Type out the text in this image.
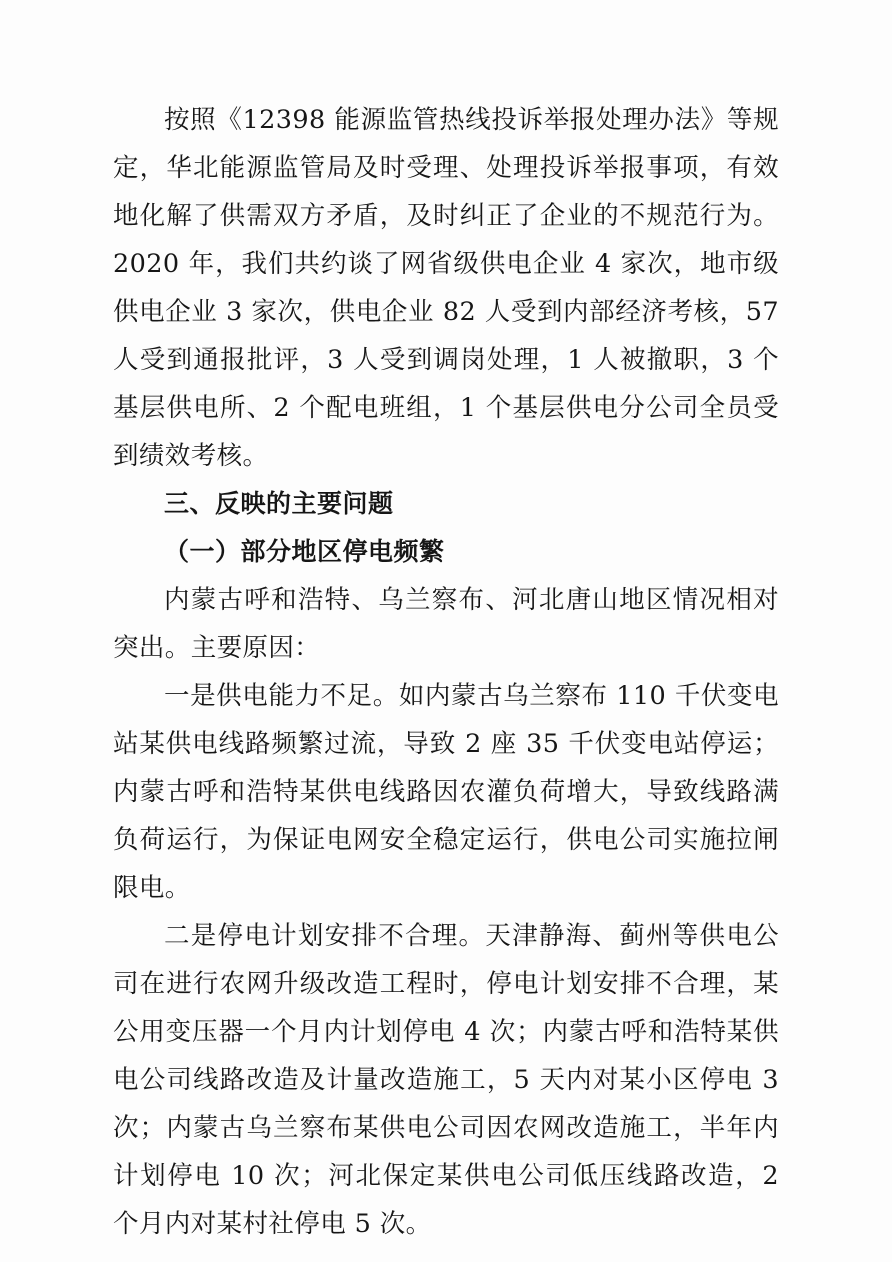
按照《12398 能源监管热线投诉举报处理办法》等规定，华北能源监管局及时受理、处理投诉举报事项，有效地化解了供需双方矛盾，及时纠正了企业的不规范行为。2020 年，我们共约谈了网省级供电企业 4 家次，地市级供电企业 3 家次，供电企业 82 人受到内部经济考核，57 人受到通报批评，3 人受到调岗处理，1 人被撤职，3 个基层供电所、2 个配电班组，1 个基层供电分公司全员受到绩效考核。

三、反映的主要问题

（一）部分地区停电频繁

内蒙古呼和浩特、乌兰察布、河北唐山地区情况相对突出。主要原因：

一是供电能力不足。如内蒙古乌兰察布 110 千伏变电站某供电线路频繁过流，导致 2 座 35 千伏变电站停运；内蒙古呼和浩特某供电线路因农灌负荷增大，导致线路满负荷运行，为保证电网安全稳定运行，供电公司实施拉闸限电。

二是停电计划安排不合理。天津静海、蓟州等供电公司在进行农网升级改造工程时，停电计划安排不合理，某公用变压器一个月内计划停电 4 次；内蒙古呼和浩特某供电公司线路改造及计量改造施工，5 天内对某小区停电 3 次；内蒙古乌兰察布某供电公司因农网改造施工，半年内计划停电 10 次；河北保定某供电公司低压线路改造，2 个月内对某村社停电 5 次。
